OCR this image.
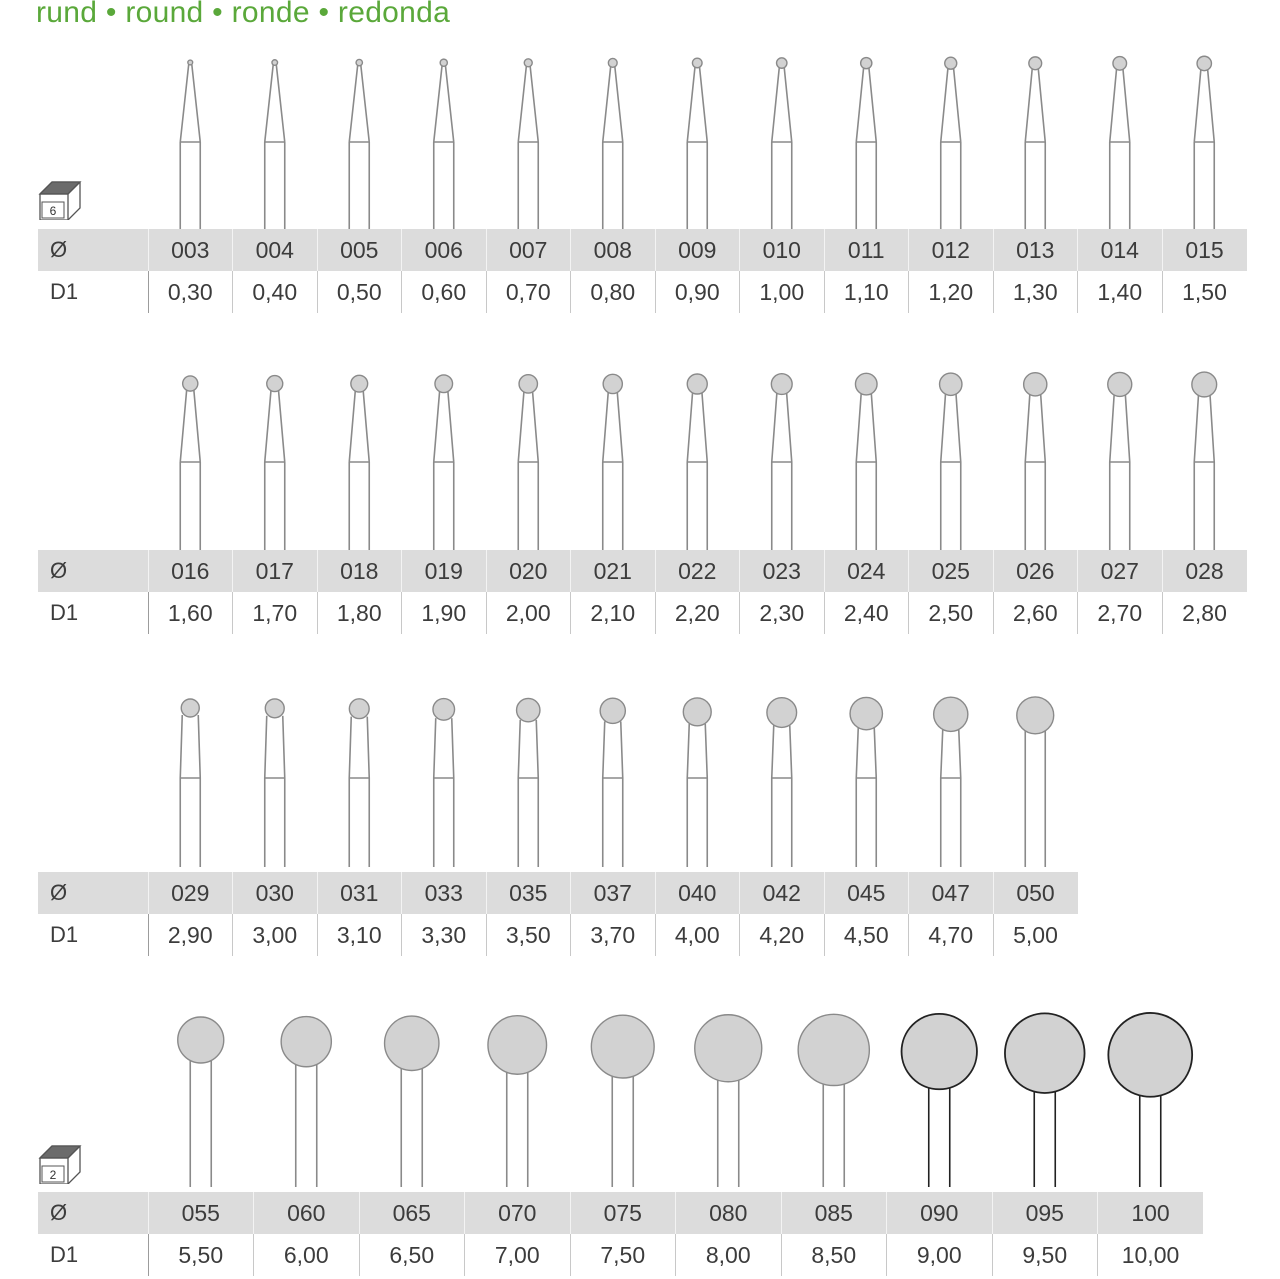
rund • round • ronde • redonda
6
Ø	003	004	005	006	007	008	009	010	011	012	013	014	015
D1	0,30	0,40	0,50	0,60	0,70	0,80	0,90	1,00	1,10	1,20	1,30	1,40	1,50
Ø	016	017	018	019	020	021	022	023	024	025	026	027	028
D1	1,60	1,70	1,80	1,90	2,00	2,10	2,20	2,30	2,40	2,50	2,60	2,70	2,80
Ø	029	030	031	033	035	037	040	042	045	047	050
D1	2,90	3,00	3,10	3,30	3,50	3,70	4,00	4,20	4,50	4,70	5,00
2
Ø	055	060	065	070	075	080	085	090	095	100
D1	5,50	6,00	6,50	7,00	7,50	8,00	8,50	9,00	9,50	10,00
